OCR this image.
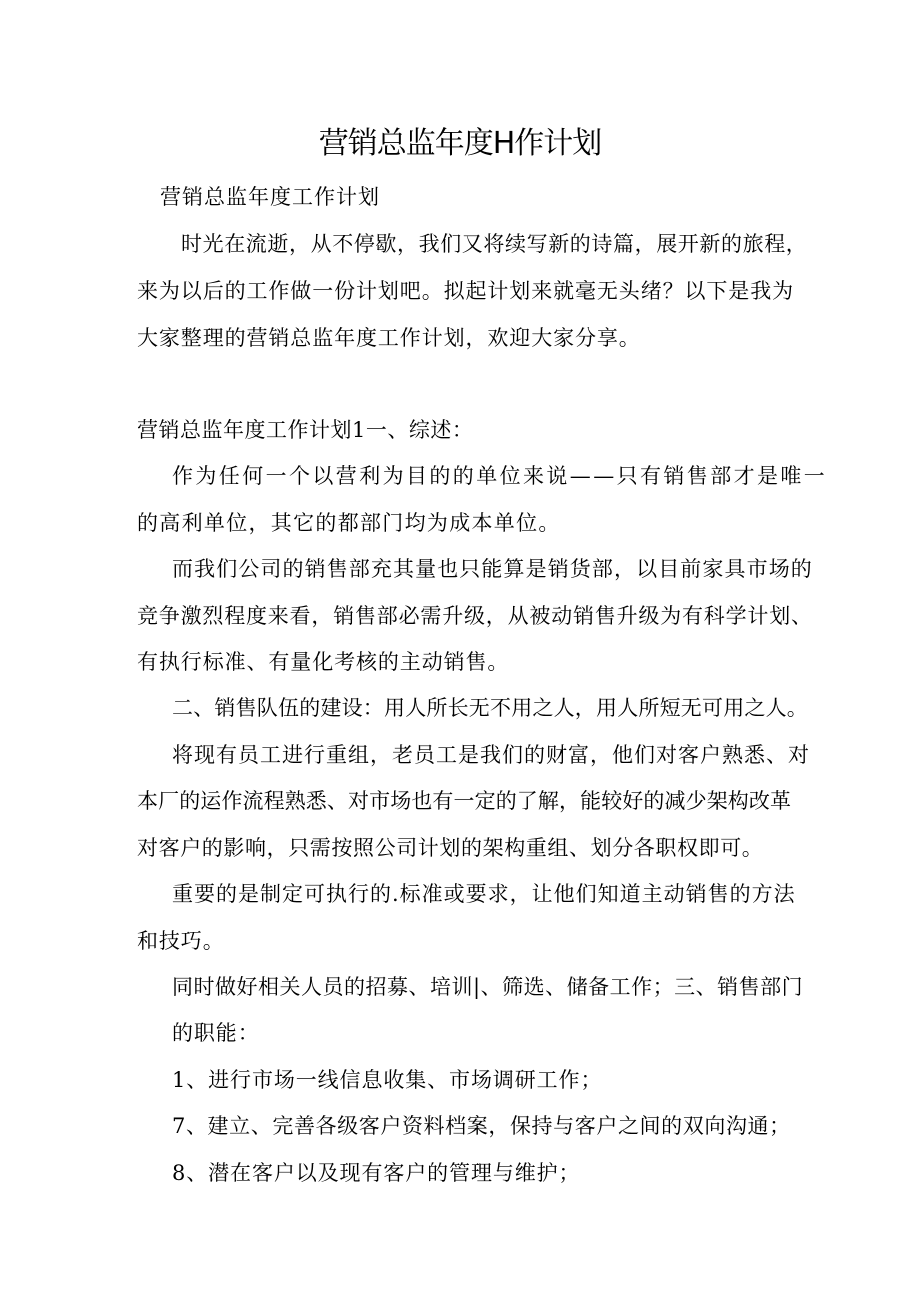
营销总监年度H作计划

营销总监年度工作计划

时光在流逝，从不停歇，我们又将续写新的诗篇，展开新的旅程，

来为以后的工作做一份计划吧。拟起计划来就毫无头绪？以下是我为

大家整理的营销总监年度工作计划，欢迎大家分享。

营销总监年度工作计划1一、综述：

作为任何一个以营利为目的的单位来说——只有销售部才是唯一

的高利单位，其它的都部门均为成本单位。

而我们公司的销售部充其量也只能算是销货部，以目前家具市场的

竞争激烈程度来看，销售部必需升级，从被动销售升级为有科学计划、

有执行标准、有量化考核的主动销售。

二、销售队伍的建设：用人所长无不用之人，用人所短无可用之人。

将现有员工进行重组，老员工是我们的财富，他们对客户熟悉、对

本厂的运作流程熟悉、对市场也有一定的了解，能较好的减少架构改革

对客户的影响，只需按照公司计划的架构重组、划分各职权即可。

重要的是制定可执行的.标准或要求，让他们知道主动销售的方法

和技巧。

同时做好相关人员的招募、培训|、筛选、储备工作；三、销售部门

的职能：

1、进行市场一线信息收集、市场调研工作；

7、建立、完善各级客户资料档案，保持与客户之间的双向沟通；

8、潜在客户以及现有客户的管理与维护；
